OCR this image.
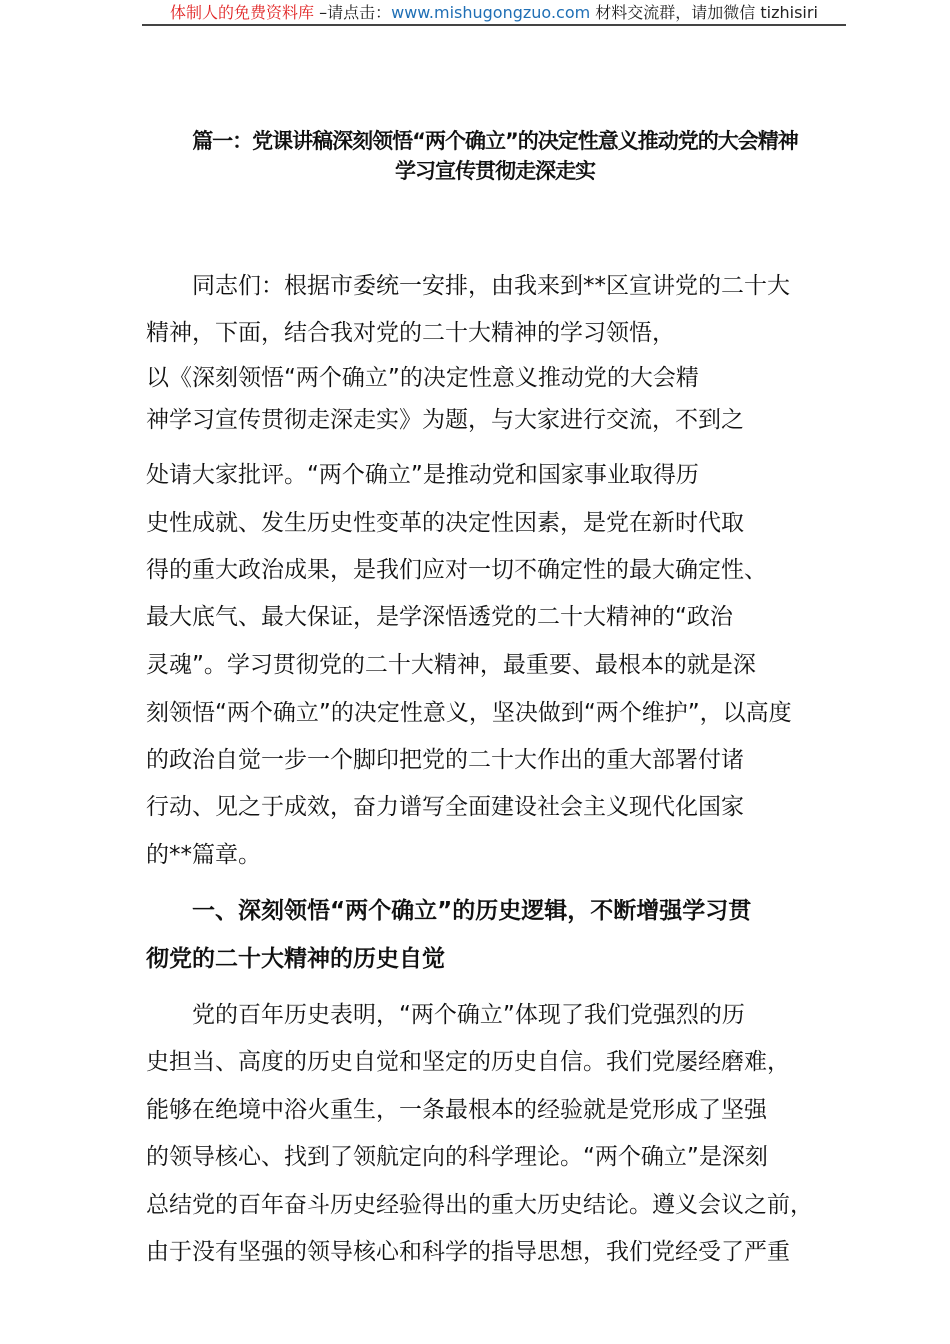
体制人的免费资料库 –请点击：www.mishugongzuo.com 材料交流群，请加微信 tizhisiri
篇一：党课讲稿深刻领悟“两个确立”的决定性意义推动党的大会精神
学习宣传贯彻走深走实
　　同志们：根据市委统一安排，由我来到**区宣讲党的二十大
精神，下面，结合我对党的二十大精神的学习领悟，
以《深刻领悟“两个确立”的决定性意义推动党的大会精
神学习宣传贯彻走深走实》为题，与大家进行交流，不到之
处请大家批评。“两个确立”是推动党和国家事业取得历
史性成就、发生历史性变革的决定性因素，是党在新时代取
得的重大政治成果，是我们应对一切不确定性的最大确定性、
最大底气、最大保证，是学深悟透党的二十大精神的“政治
灵魂”。学习贯彻党的二十大精神，最重要、最根本的就是深
刻领悟“两个确立”的决定性意义，坚决做到“两个维护”，以高度
的政治自觉一步一个脚印把党的二十大作出的重大部署付诸
行动、见之于成效，奋力谱写全面建设社会主义现代化国家
的**篇章。
　　一、深刻领悟“两个确立”的历史逻辑，不断增强学习贯
彻党的二十大精神的历史自觉
　　党的百年历史表明，“两个确立”体现了我们党强烈的历
史担当、高度的历史自觉和坚定的历史自信。我们党屡经磨难，
能够在绝境中浴火重生，一条最根本的经验就是党形成了坚强
的领导核心、找到了领航定向的科学理论。“两个确立”是深刻
总结党的百年奋斗历史经验得出的重大历史结论。遵义会议之前，
由于没有坚强的领导核心和科学的指导思想，我们党经受了严重
